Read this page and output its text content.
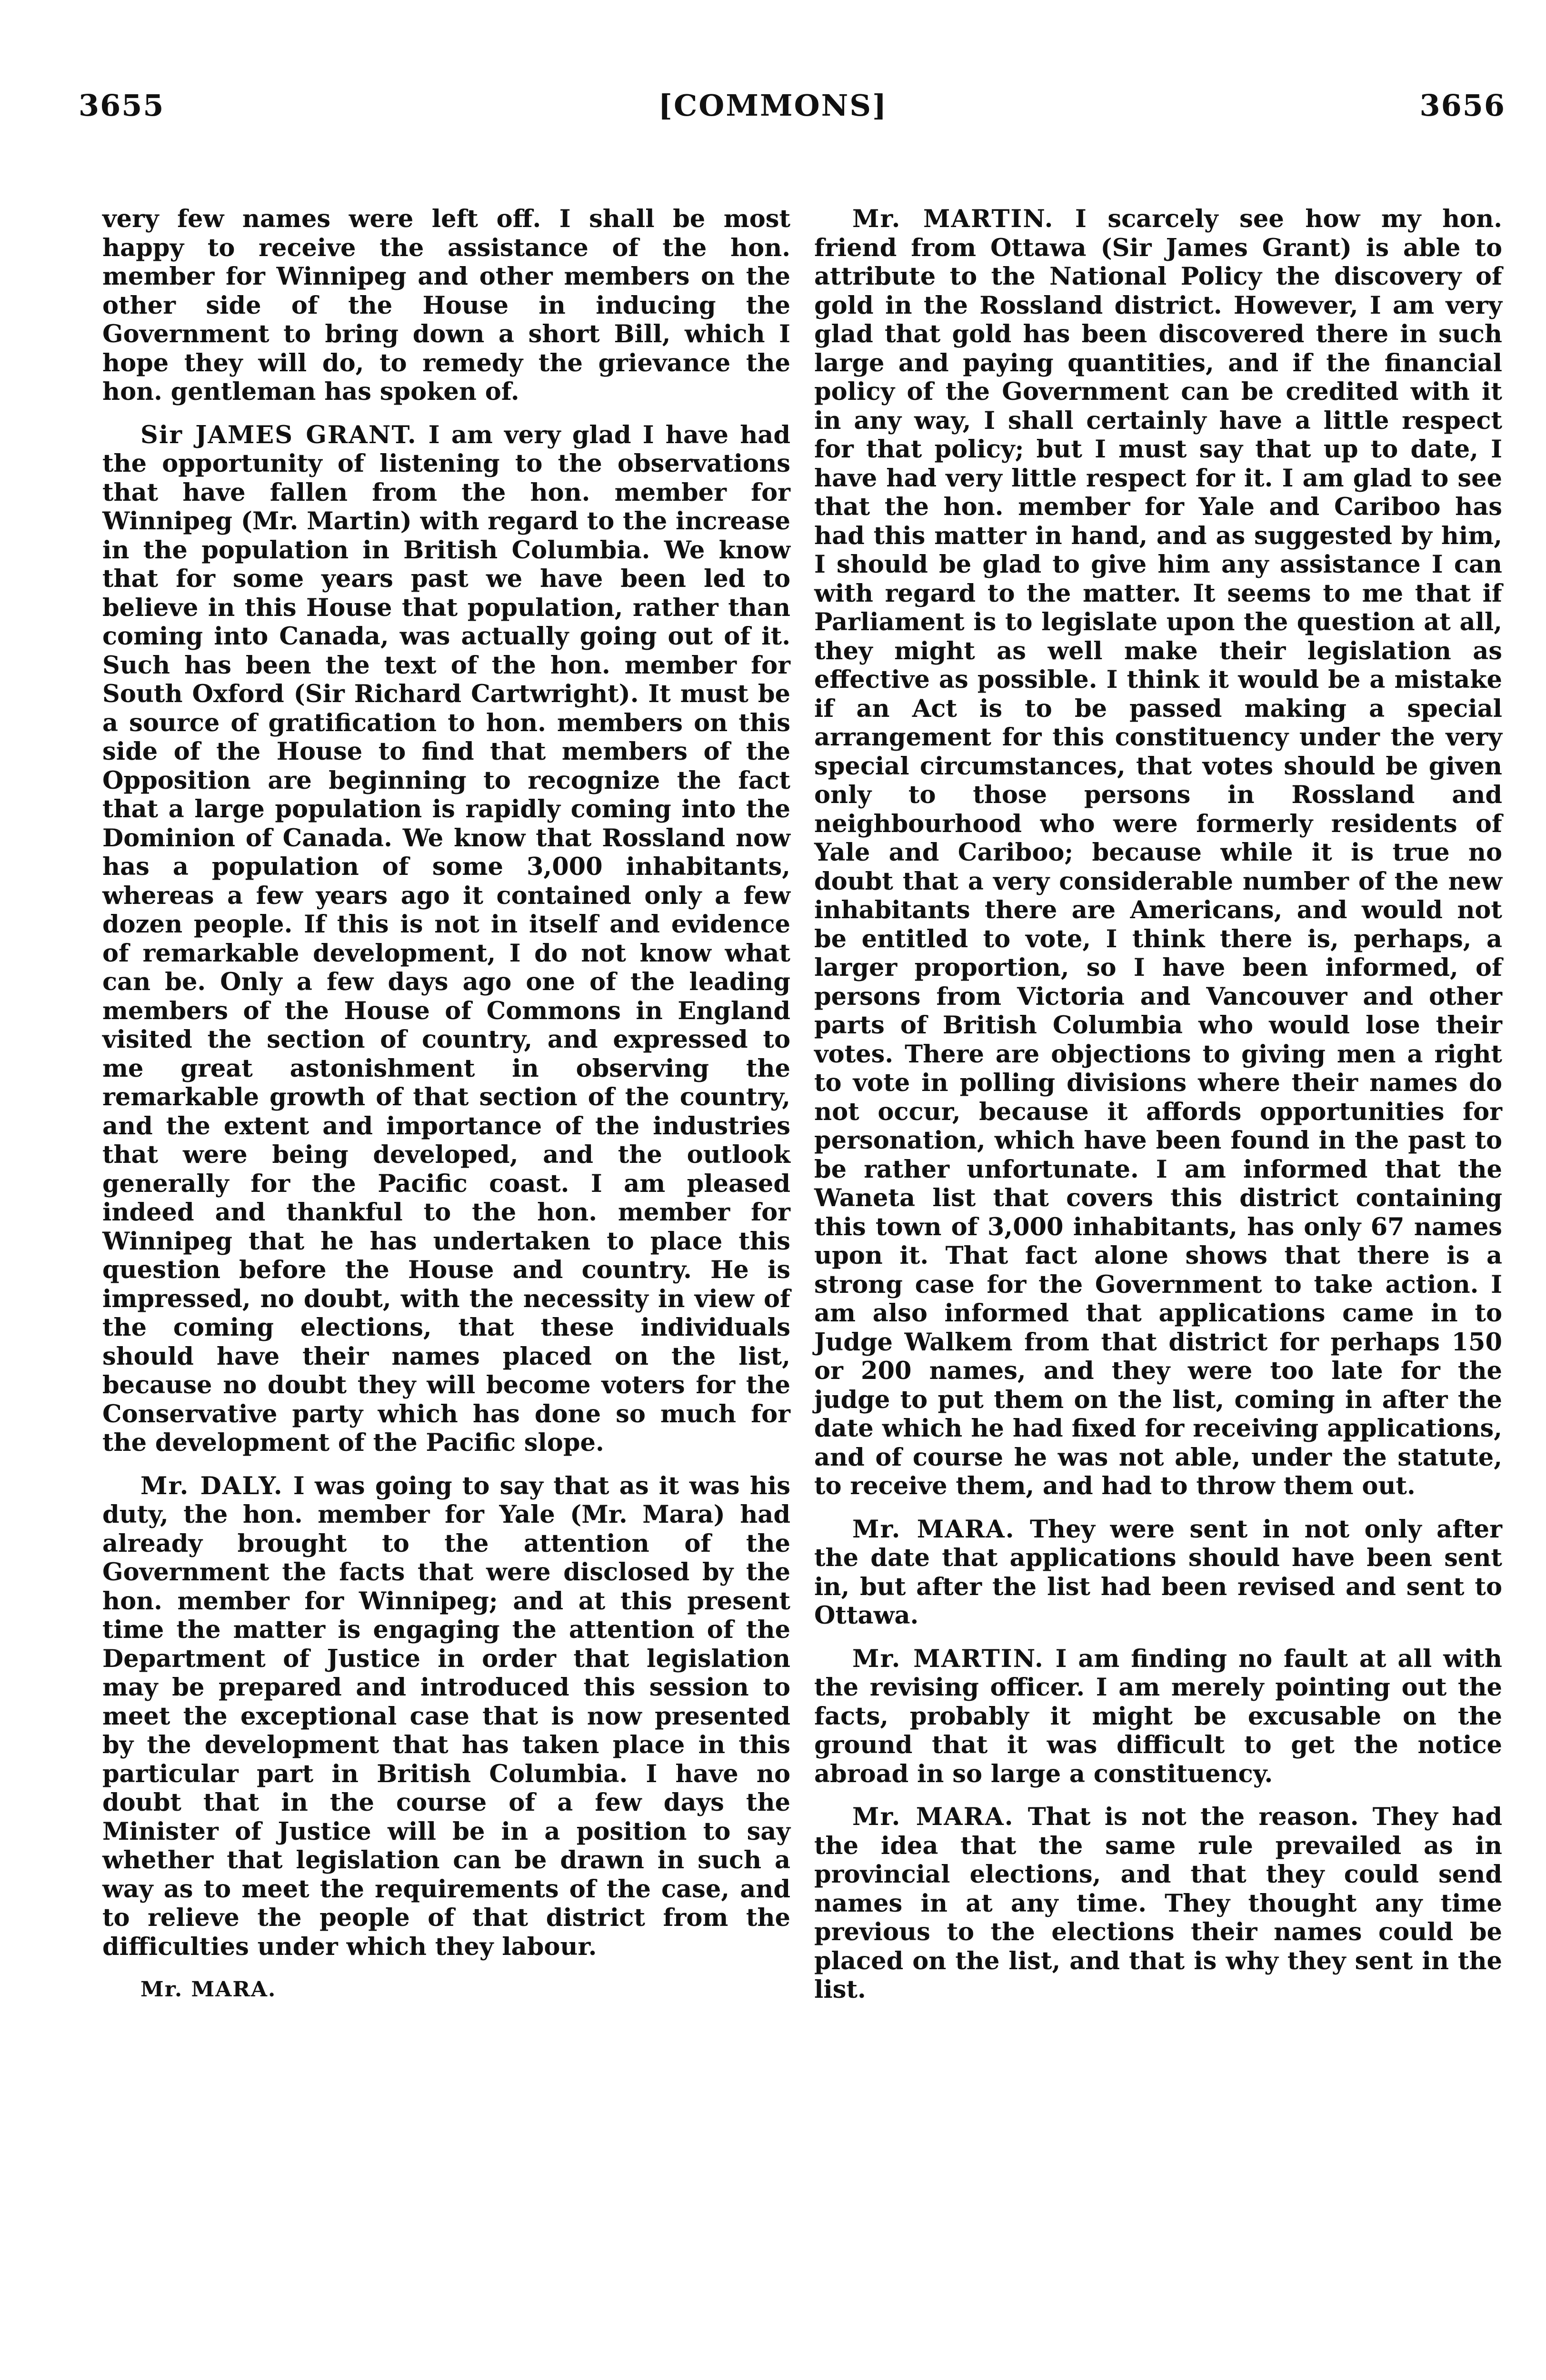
3655	[COMMONS]	3656

very few names were left off. I shall be most happy to receive the assistance of the hon. member for Winnipeg and other members on the other side of the House in inducing the Government to bring down a short Bill, which I hope they will do, to remedy the grievance the hon. gentleman has spoken of.

Sir JAMES GRANT. I am very glad I have had the opportunity of listening to the observations that have fallen from the hon. member for Winnipeg (Mr. Martin) with regard to the increase in the population in British Columbia. We know that for some years past we have been led to believe in this House that population, rather than coming into Canada, was actually going out of it. Such has been the text of the hon. member for South Oxford (Sir Richard Cartwright). It must be a source of gratification to hon. members on this side of the House to find that members of the Opposition are beginning to recognize the fact that a large population is rapidly coming into the Dominion of Canada. We know that Rossland now has a population of some 3,000 inhabitants, whereas a few years ago it contained only a few dozen people. If this is not in itself and evidence of remarkable development, I do not know what can be. Only a few days ago one of the leading members of the House of Commons in England visited the section of country, and expressed to me great astonishment in observing the remarkable growth of that section of the country, and the extent and importance of the industries that were being developed, and the outlook generally for the Pacific coast. I am pleased indeed and thankful to the hon. member for Winnipeg that he has undertaken to place this question before the House and country. He is impressed, no doubt, with the necessity in view of the coming elections, that these individuals should have their names placed on the list, because no doubt they will become voters for the Conservative party which has done so much for the development of the Pacific slope.

Mr. DALY. I was going to say that as it was his duty, the hon. member for Yale (Mr. Mara) had already brought to the attention of the Government the facts that were disclosed by the hon. member for Winnipeg; and at this present time the matter is engaging the attention of the Department of Justice in order that legislation may be prepared and introduced this session to meet the exceptional case that is now presented by the development that has taken place in this particular part in British Columbia. I have no doubt that in the course of a few days the Minister of Justice will be in a position to say whether that legislation can be drawn in such a way as to meet the requirements of the case, and to relieve the people of that district from the difficulties under which they labour.

Mr. MARA.

Mr. MARTIN. I scarcely see how my hon. friend from Ottawa (Sir James Grant) is able to attribute to the National Policy the discovery of gold in the Rossland district. However, I am very glad that gold has been discovered there in such large and paying quantities, and if the financial policy of the Government can be credited with it in any way, I shall certainly have a little respect for that policy; but I must say that up to date, I have had very little respect for it. I am glad to see that the hon. member for Yale and Cariboo has had this matter in hand, and as suggested by him, I should be glad to give him any assistance I can with regard to the matter. It seems to me that if Parliament is to legislate upon the question at all, they might as well make their legislation as effective as possible. I think it would be a mistake if an Act is to be passed making a special arrangement for this constituency under the very special circumstances, that votes should be given only to those persons in Rossland and neighbourhood who were formerly residents of Yale and Cariboo; because while it is true no doubt that a very considerable number of the new inhabitants there are Americans, and would not be entitled to vote, I think there is, perhaps, a larger proportion, so I have been informed, of persons from Victoria and Vancouver and other parts of British Columbia who would lose their votes. There are objections to giving men a right to vote in polling divisions where their names do not occur, because it affords opportunities for personation, which have been found in the past to be rather unfortunate. I am informed that the Waneta list that covers this district containing this town of 3,000 inhabitants, has only 67 names upon it. That fact alone shows that there is a strong case for the Government to take action. I am also informed that applications came in to Judge Walkem from that district for perhaps 150 or 200 names, and they were too late for the judge to put them on the list, coming in after the date which he had fixed for receiving applications, and of course he was not able, under the statute, to receive them, and had to throw them out.

Mr. MARA. They were sent in not only after the date that applications should have been sent in, but after the list had been revised and sent to Ottawa.

Mr. MARTIN. I am finding no fault at all with the revising officer. I am merely pointing out the facts, probably it might be excusable on the ground that it was difficult to get the notice abroad in so large a constituency.

Mr. MARA. That is not the reason. They had the idea that the same rule prevailed as in provincial elections, and that they could send names in at any time. They thought any time previous to the elections their names could be placed on the list, and that is why they sent in the list.
